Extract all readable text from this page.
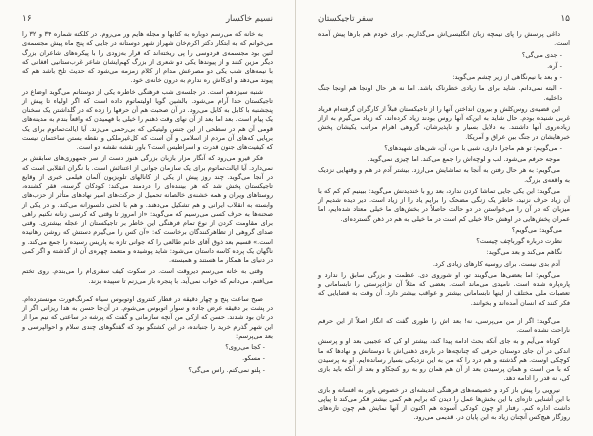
۱۶	نسیم خاکسار

به خانه که می‌رسم دوباره به کتابها و مجله هایم ور می‌روم. در کلکته شماره ۳۴ و ۳۲ را می‌خوانم که به ابتکار دکتر اکرم‌خان شهراز شهر دوستانه در جایی که پنج ماه پیش مجسمه‌ی لنین بود مجسمه‌ی فردوسی را پی ریخته‌اند که قرار به‌زودی را با پیکره‌های شاعران بزرگ دیگر مزین کنند و از پیوندها یکی دو شعری از بزرگ کهم‌ایشان شاعر غرب‌ستانیی افغانی که با نیمه‌های شب یکی دو مصرعش مدام از کلام زمزمه می‌شود که حدیث تلخ باشد هم که پیوند می‌دهد و ای‌کاش ره ندارم به درون خانه‌ی خود.

شنبه سیزدهم است. در جلسه‌ی شب فرهنگی خاطره یکی از دوستانم می‌گوید اوضاع در تاجیکستان حدا آرام می‌شود. بالشین گویا اولیتماتوم داده است که اگر اولیاء تا پیش از پنجشنبه با کابل به کابل می‌رود. در آن صحبت هم آن حرفها را زده که در گلداشتن یک سخنان یک پیام است. بعد اما بعد از آن نهای وقت ذهنم را خیلی با فهمیدن که واقعاً بندم به مدینه‌های قومی آن هم در سطحی از این جنس ولیتیکی که بی‌رحمی می‌زند. آیا ایالت‌تماتوم برای یک برپایی که‌های آن مردم از اسلامی و آن است که کل‌غیر‌ملکی و نقطه بستن ساختمان نیست که کیفیت‌های جنون قدرت و اسراطیس است؟ باور نقشه نقشه دو است.

فکر قیرو می‌رود که آنگار مزار بازبان بزرگی هنوز دست از سر جمهوری‌های سابقش بر نمی‌دارد. آیا ایالت‌تماتوم برای یک سازمان جوانی از اعتنائش است. با نگران انقلابی است که در آنجا می‌گوید. چند روز پیش از یکی از کانالهای تلویزیون آلمان فیلمی خبری از وقایع تاجیکستان پخش شد که هر بیننده‌ای را دردمند می‌کند: کودکان گرسنه، فقر کشنده، روستاهای ویران و همه خشنه‌ی خالصانه تحمیل از حرکت‌های امیر نهادهای متأثر از حزب‌های وابسته به انقلاب ایرانی و هم تشکیل می‌دهند. و هم با لحنی دلسوزانه می‌کند. و در یکی از صحنه‌ها به حرف کسی می‌رسیم که می‌گوید: «از امروز تا وقتی که کرسی زنانه نکنیم راهی برای مقاومت کردن از نوع تمام فرهنگی این خاطر بر تاجیکستان از عجله بیشتری. وقتی صدای گروهی از تظاهرکنندگان برخاست که: «آن کس را می‌گیرم دستش که روشن رهانیده است.» قسیم بعد ذوق آقای خانم طالعی را که جوانی تازه به پاریس رسیده را جمع می‌کند. و ناگهان یک پرده کاسه داستان می‌شود: شاید پوشیده و متعمد چهره‌ی آن از گذشته و اگر کمی در دنیای ما همکار ما هستند و همبسته.

وقتی به خانه می‌رسم دیروقت است. در سکوت کیف سفری‌ام را می‌بندم. روی تختم می‌افتم. می‌دانم که خواب نمی‌آید. با پنجره باز می‌زنم تا سپیده بزند.

صبح ساعت پنج و چهار دقیقه در فطار کنتروی اوتوبوس سیاه کمرنگ‌فورت مونسترده‌ام. در پشت بر دقیقه عرض جاده و سوار اتوبوس می‌شوم. در آن‌جا حسن به هدا ریزانی اگر از در تان بود شدند. حسن که ازکی من آنچه سازمانی و گفت که پرشه در ساعتی که نیم مرا از این شهر گذرم خرید را جنبانده، در این کشتگو بود که گفتگوهای چندی سلام و احوالپرسی و بعد می‌پرسم:

- کجا می‌روی؟

- مسکو.

- پلنو نمی‌کنم. راس می‌گی؟

سفر تاجیکستان	۱۵

داغی پرسش را پای نیمچه زبان انگلیسی‌اش می‌گذاریم. برای خودم هم بارها پیش آمده است.

- جدی می‌گی؟

- آره.

- و بعد با نیم‌نگاهی از زیر چشم می‌گوید:

- البته نمی‌دانم. شاید برای ما زیادی خطرناک باشد. اما نه هر حال اونجا هم اونجا جنگ داخلیه.

این قضیه‌ی روس‌کلش و بیرون انداختن آنها را از تاجیکستان قبلاً از کارگران گرفته‌ام فریاد غربی شنیده بودم. حال شاید به این‌که آنها روس بودند زیاد کرده‌اند، که زیاد می‌گیرم به ازاز زیاده‌روی آنها داشتند. به دلایل بسیار و ناپذیرشان، گروهی اهرام مراتب یکیشان پخش خبرهایشان در جنگ بین عراق و آمریکا.

- می‌گویم: تو هم ماجرا داری، شبی با من، آن، شی‌های شهیدهای؟

موجه حرفم می‌شود. لب و لوچه‌اش را جمع می‌کند. اما چیزی نمی‌گوید.

می‌گویم: به هر حال رفتن به آنجا به تماشایش می‌ارزد. بیشتر آدم در هم و وقتهایی نزدیک به واقعه‌ی بزرگ.

می‌گوید: این یکی جایی تماشا کردن ندارد، بعد رو با خندیدنش می‌گوید: ببینیم کم کم که با آن زیاد حرف نزنید، خاطر یک زنگی مضحک را برایم یاد را از زیاد است. دیر دیده شدیم از میزبان که در آن را می‌خواستن در دو حالت حاصلاً در بخش‌های ما خیلی معتاد شده‌ایم، اما عمران پخش‌هایی در اوهش حالا خیلی کم است در ما خیلی به هم در ذهن گسترده‌ای.

می‌گوید: می‌گویم؟

نظرت درباره گورباچف چیست؟

نگاهم می‌کند و بعد می‌گوید:

آدم بدی نیست. برای روسیه کارهای زیادی کرد.

می‌گویم: اما بعضی‌ها می‌گویند تو، او شوروی دی. عظمت و بزرگی سابق را ندارد و پاره‌پاره شده است. نامیدی می‌ماند است. بعضی که مثلاً آن نژادپرستی را نابسامانی و تعصبات ملی مختلف از اینها نابسامانی بیشتر و عواقب بیشتر دارد. آن وقت به قضایایی که فکر کنند که انسان آمده‌اند و بخوانند.

می‌گوید: اگر از من می‌پرسی، نه! بعد اش را طوری گفت که انگار اصلاً از این حرفم ناراحت نشده است.

کوتاه می‌آیم و به جای آنکه بحث ادامه پیدا کند، بیشتر او کی که عجیبی بعد او و پرسش اندکی در آن جای دوستان حرفی که چنانچه‌ها در باره‌ی ذهنی‌اش با دوستانش و نهادها که ما کوچکی اوست. هم گذشته و هم درد را که من به این نزدیکی بسیار رسانده‌ایم. او به پرسیدن که با من است و همان پرسیدن بعد از آن هم همان رو به رو کنجکاو و بعد از آنکه باید بازی کی، نه قدر را ادامه دهد.

نیرویی را پیش باز کرد و خصیصه‌های فرهنگی اندیشه‌ای در خصوص باور به افسانه و بازی با این آشنایی تازه‌ای با این بخش‌ها عمل را دیدن که برایم هم کمی بیشتر فکر می‌کند تا پیاپی داشت اداره کنم. رفتار او چون کودکی آسوده هم اکنون از آنها نمایش هم چون تازه‌های روزگار هیچ‌کس آنچنان زیاد به این پایان در. قدیمی می‌رود.
